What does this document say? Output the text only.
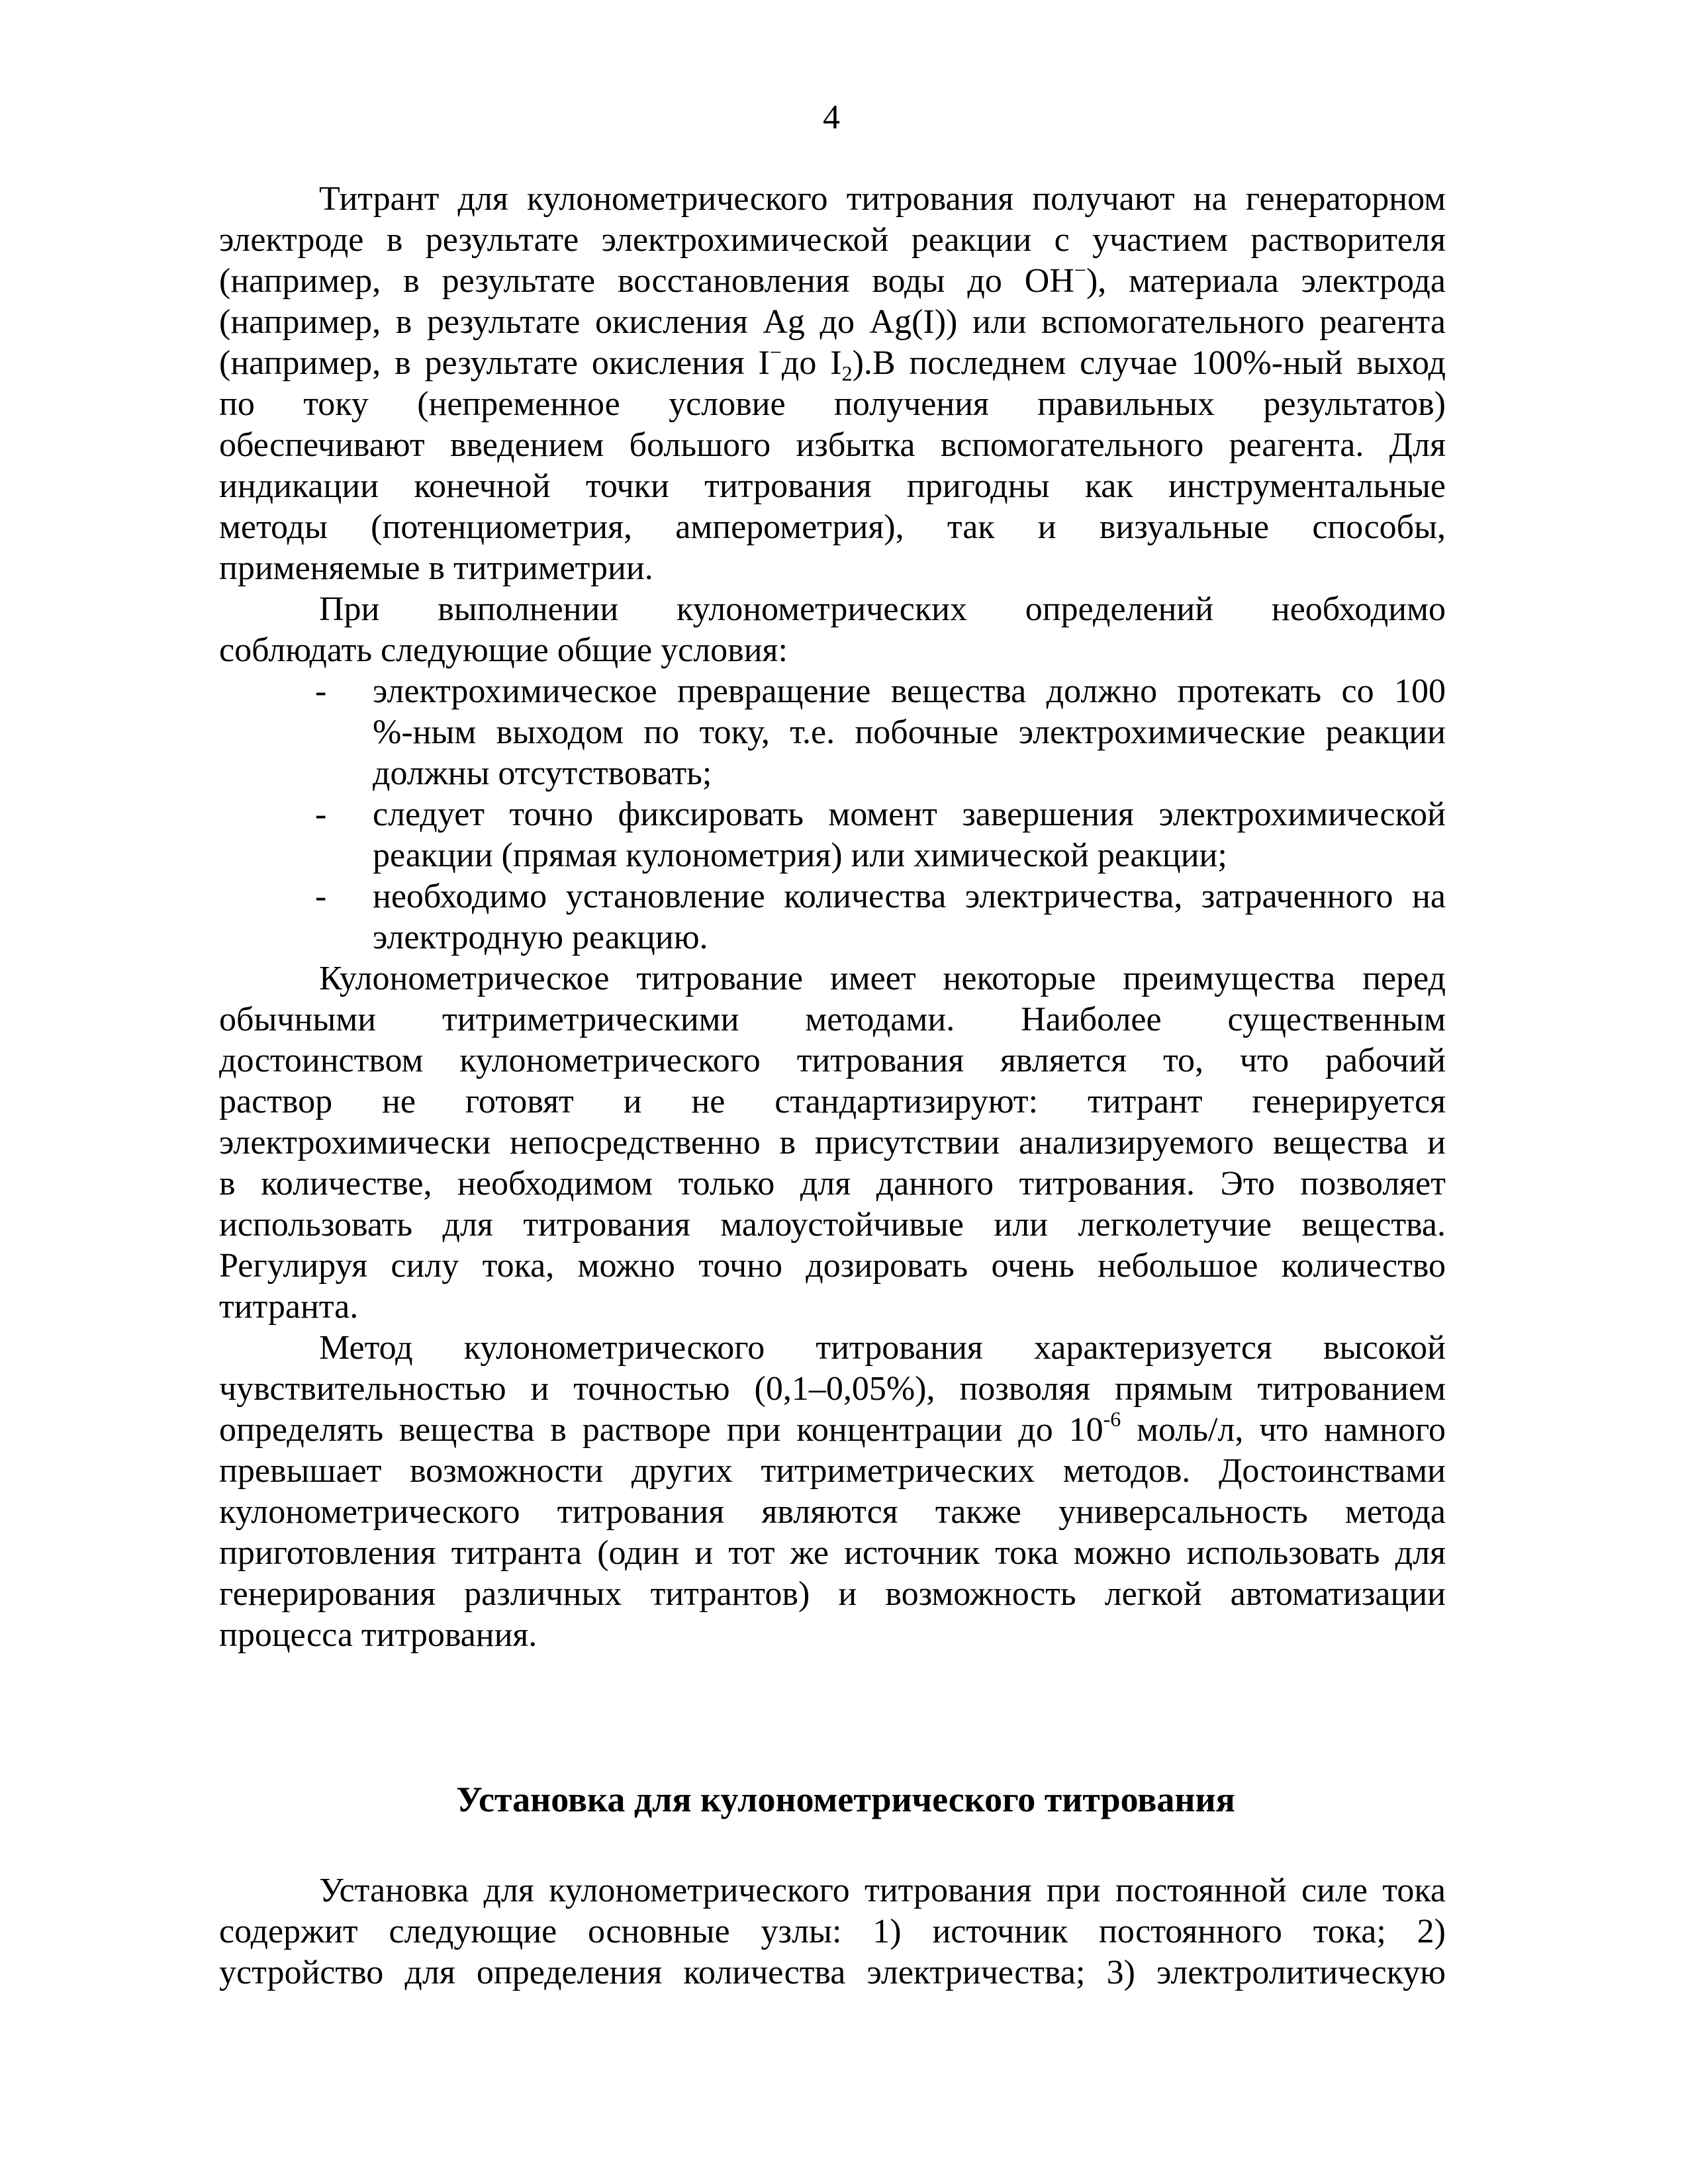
4
Титрант для кулонометрического титрования получают на генераторном
электроде в результате электрохимической реакции с участием растворителя
(например, в результате восстановления воды до OH−), материала электрода
(например, в результате окисления Ag до Ag(I)) или вспомогательного реагента
(например, в результате окисления I−до $I_2).В$ последнем случае 100%-ный выход
по току (непременное условие получения правильных результатов)
обеспечивают введением большого избытка вспомогательного реагента. Для
индикации конечной точки титрования пригодны как инструментальные
методы (потенциометрия, амперометрия), так и визуальные способы,
применяемые в титриметрии.
При выполнении кулонометрических определений необходимо
соблюдать следующие общие условия:
- электрохимическое превращение вещества должно протекать со 100
%-ным выходом по току, т.е. побочные электрохимические реакции
должны отсутствовать;
- следует точно фиксировать момент завершения электрохимической
реакции (прямая кулонометрия) или химической реакции;
- необходимо установление количества электричества, затраченного на
электродную реакцию.
Кулонометрическое титрование имеет некоторые преимущества перед
обычными титриметрическими методами. Наиболее существенным
достоинством кулонометрического титрования является то, что рабочий
раствор не готовят и не стандартизируют: титрант генерируется
электрохимически непосредственно в присутствии анализируемого вещества и
в количестве, необходимом только для данного титрования. Это позволяет
использовать для титрования малоустойчивые или легколетучие вещества.
Регулируя силу тока, можно точно дозировать очень небольшое количество
титранта.
Метод кулонометрического титрования характеризуется высокой
чувствительностью и точностью (0,1–0,05%), позволяя прямым титрованием
определять вещества в растворе при концентрации до $10^{-6}$ моль/л, что намного
превышает возможности других титриметрических методов. Достоинствами
кулонометрического титрования являются также универсальность метода
приготовления титранта (один и тот же источник тока можно использовать для
генерирования различных титрантов) и возможность легкой автоматизации
процесса титрования.
Установка для кулонометрического титрования
Установка для кулонометрического титрования при постоянной силе тока
содержит следующие основные узлы: 1) источник постоянного тока; 2)
устройство для определения количества электричества; 3) электролитическую
